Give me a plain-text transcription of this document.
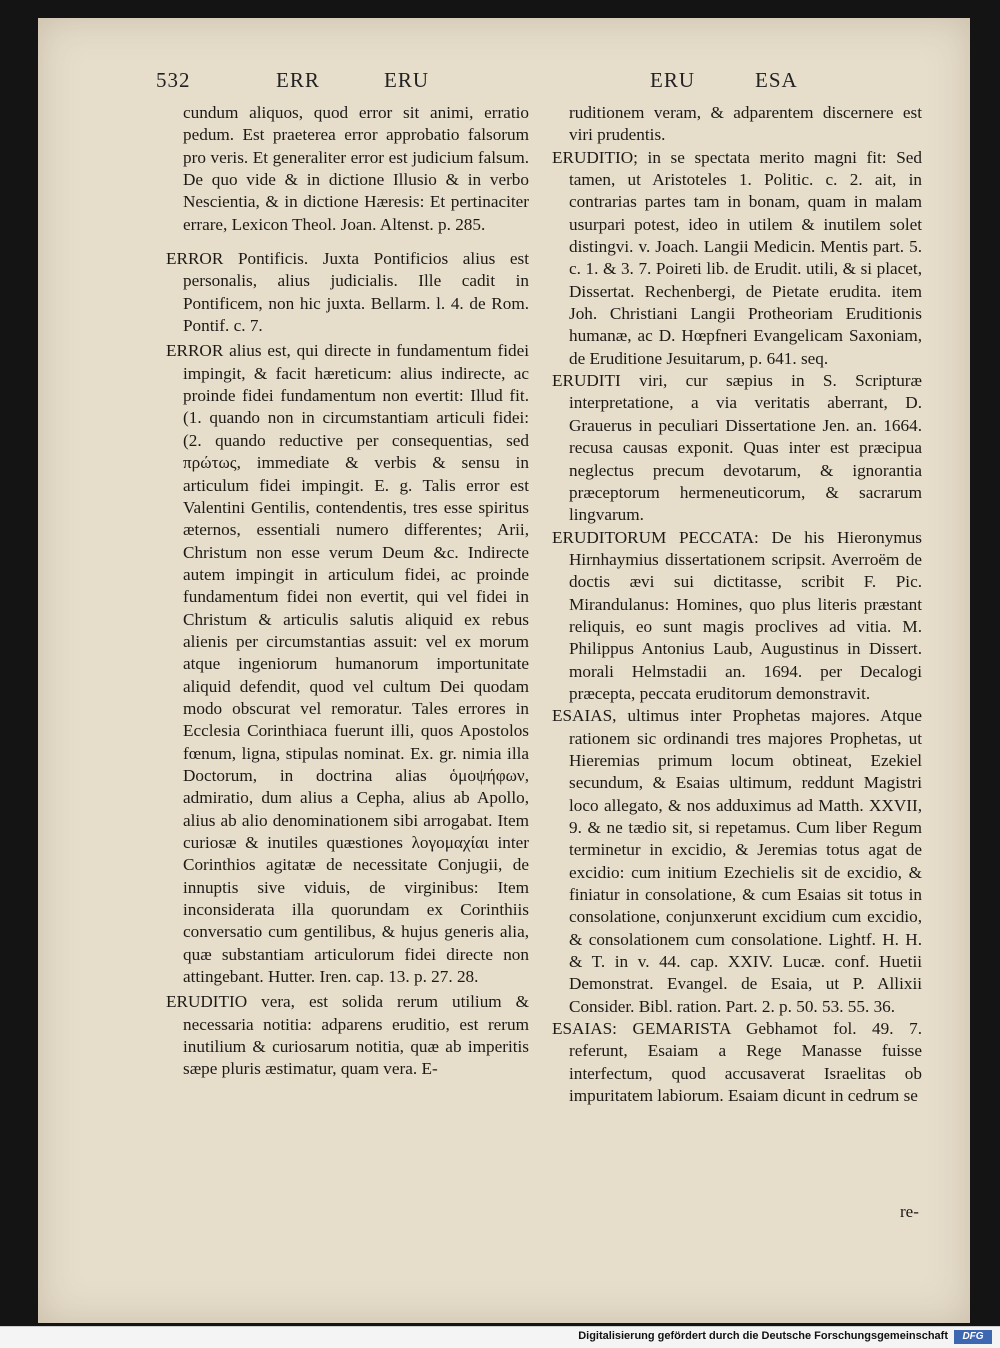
532	ERR	ERU	ERU	ESA

cundum aliquos, quod error sit animi, erratio pedum. Est praeterea error approbatio falsorum pro veris. Et generaliter error est judicium falsum. De quo vide & in dictione Illusio & in verbo Nescientia, & in dictione Hæresis: Et pertinaciter errare, Lexicon Theol. Joan. Altenst. p. 285.

ERROR Pontificis. Juxta Pontificios alius est personalis, alius judicialis. Ille cadit in Pontificem, non hic juxta. Bellarm. l. 4. de Rom. Pontif. c. 7.

ERROR alius est, qui directe in fundamentum fidei impingit, & facit hæreticum: alius indirecte, ac proinde fidei fundamentum non evertit: Illud fit. (1. quando non in circumstantiam articuli fidei: (2. quando reductive per consequentias, sed πρώτως, immediate & verbis & sensu in articulum fidei impingit. E. g. Talis error est Valentini Gentilis, contendentis, tres esse spiritus æternos, essentiali numero differentes; Arii, Christum non esse verum Deum &c. Indirecte autem impingit in articulum fidei, ac proinde fundamentum fidei non evertit, qui vel fidei in Christum & articulis salutis aliquid ex rebus alienis per circumstantias assuit: vel ex morum atque ingeniorum humanorum importunitate aliquid defendit, quod vel cultum Dei quodam modo obscurat vel remoratur. Tales errores in Ecclesia Corinthiaca fuerunt illi, quos Apostolos fœnum, ligna, stipulas nominat. Ex. gr. nimia illa Doctorum, in doctrina alias ὁμοψήφων, admiratio, dum alius a Cepha, alius ab Apollo, alius ab alio denominationem sibi arrogabat. Item curiosæ & inutiles quæstiones λογομαχίαι inter Corinthios agitatæ de necessitate Conjugii, de innuptis sive viduis, de virginibus: Item inconsiderata illa quorundam ex Corinthiis conversatio cum gentilibus, & hujus generis alia, quæ substantiam articulorum fidei directe non attingebant. Hutter. Iren. cap. 13. p. 27. 28.

ERUDITIO vera, est solida rerum utilium & necessaria notitia: adparens eruditio, est rerum inutilium & curiosarum notitia, quæ ab imperitis sæpe pluris æstimatur, quam vera. E-

ruditionem veram, & adparentem discernere est viri prudentis.

ERUDITIO; in se spectata merito magni fit: Sed tamen, ut Aristoteles 1. Politic. c. 2. ait, in contrarias partes tam in bonam, quam in malam usurpari potest, ideo in utilem & inutilem solet distingvi. v. Joach. Langii Medicin. Mentis part. 5. c. 1. & 3. 7. Poireti lib. de Erudit. utili, & si placet, Dissertat. Rechenbergi, de Pietate erudita. item Joh. Christiani Langii Protheoriam Eruditionis humanæ, ac D. Hœpfneri Evangelicam Saxoniam, de Eruditione Jesuitarum, p. 641. seq.

ERUDITI viri, cur sæpius in S. Scripturæ interpretatione, a via veritatis aberrant, D. Grauerus in peculiari Dissertatione Jen. an. 1664. recusa causas exponit. Quas inter est præcipua neglectus precum devotarum, & ignorantia præceptorum hermeneuticorum, & sacrarum lingvarum.

ERUDITORUM PECCATA: De his Hieronymus Hirnhaymius dissertationem scripsit. Averroëm de doctis ævi sui dictitasse, scribit F. Pic. Mirandulanus: Homines, quo plus literis præstant reliquis, eo sunt magis proclives ad vitia. M. Philippus Antonius Laub, Augustinus in Dissert. morali Helmstadii an. 1694. per Decalogi præcepta, peccata eruditorum demonstravit.

ESAIAS, ultimus inter Prophetas majores. Atque rationem sic ordinandi tres majores Prophetas, ut Hieremias primum locum obtineat, Ezekiel secundum, & Esaias ultimum, reddunt Magistri loco allegato, & nos adduximus ad Matth. XXVII, 9. & ne tædio sit, si repetamus. Cum liber Regum terminetur in excidio, & Jeremias totus agat de excidio: cum initium Ezechielis sit de excidio, & finiatur in consolatione, & cum Esaias sit totus in consolatione, conjunxerunt excidium cum excidio, & consolationem cum consolatione. Lightf. H. H. & T. in v. 44. cap. XXIV. Lucæ. conf. Huetii Demonstrat. Evangel. de Esaia, ut P. Allixii Consider. Bibl. ration. Part. 2. p. 50. 53. 55. 36.

ESAIAS: GEMARISTA Gebhamot fol. 49. 7. referunt, Esaiam a Rege Manasse fuisse interfectum, quod accusaverat Israelitas ob impuritatem labiorum. Esaiam dicunt in cedrum se

re-
Digitalisierung gefördert durch die Deutsche Forschungsgemeinschaft	DFG
